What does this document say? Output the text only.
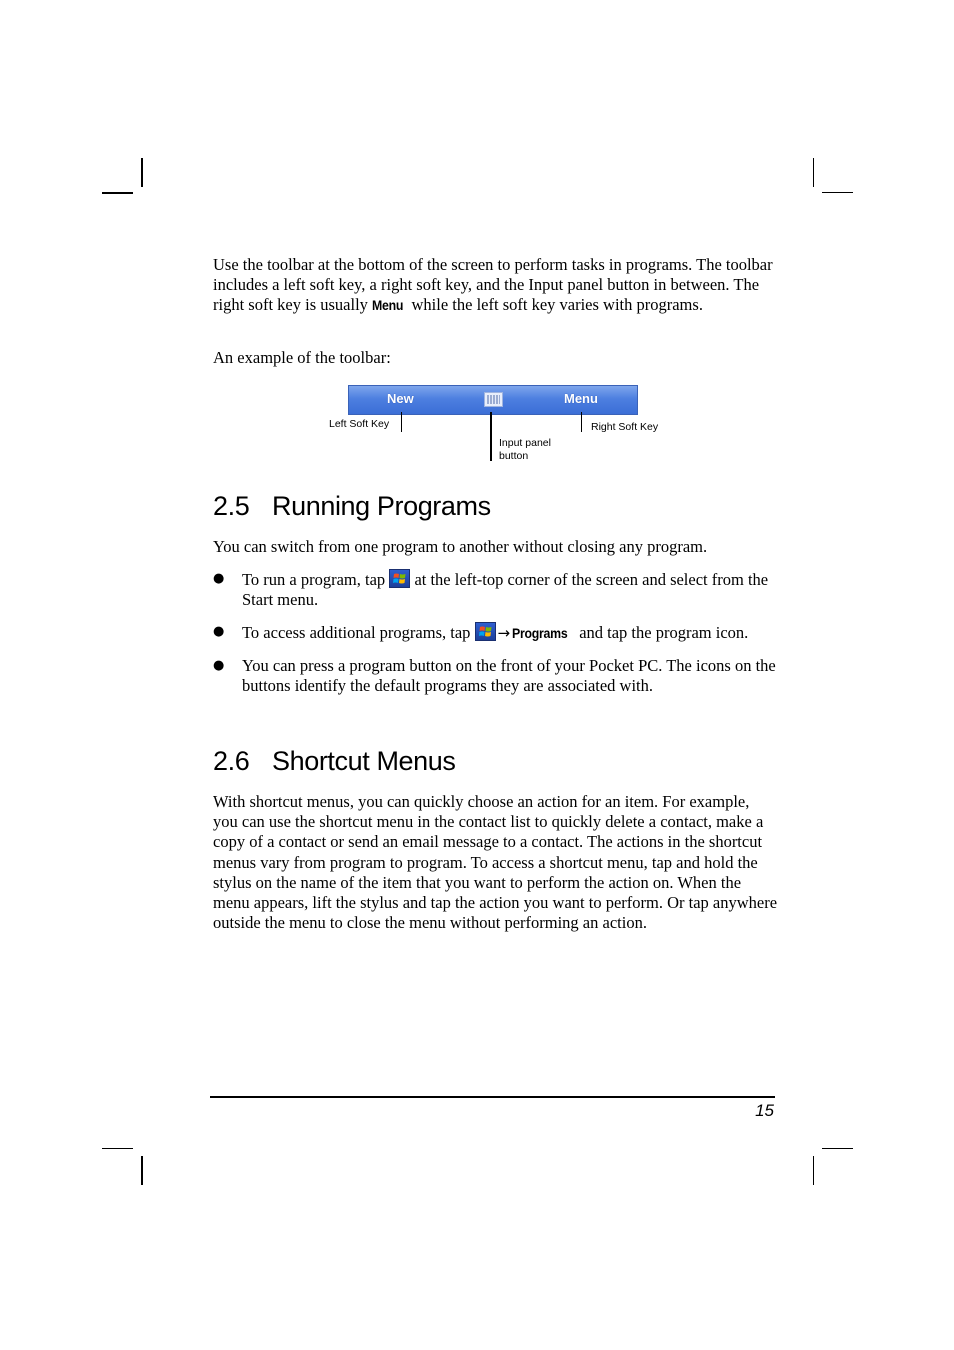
Use the toolbar at the bottom of the screen to perform tasks in programs. The toolbar includes a left soft key, a right soft key, and the Input panel button in between. The right soft key is usually Menu while the left soft key varies with programs.

An example of the toolbar:

New	Menu
Left Soft Key
Input panel
button
Right Soft Key
2.5 Running Programs

You can switch from one program to another without closing any program.

● To run a program, tap
at the left-top corner of the screen and select from the Start menu.
● To access additional programs, tap
→ Programs and tap the program icon.
● You can press a program button on the front of your Pocket PC. The icons on the buttons identify the default programs they are associated with.
2.6 Shortcut Menus

With shortcut menus, you can quickly choose an action for an item. For example, you can use the shortcut menu in the contact list to quickly delete a contact, make a copy of a contact or send an email message to a contact. The actions in the shortcut menus vary from program to program. To access a shortcut menu, tap and hold the stylus on the name of the item that you want to perform the action on. When the menu appears, lift the stylus and tap the action you want to perform. Or tap anywhere outside the menu to close the menu without performing an action.

15
